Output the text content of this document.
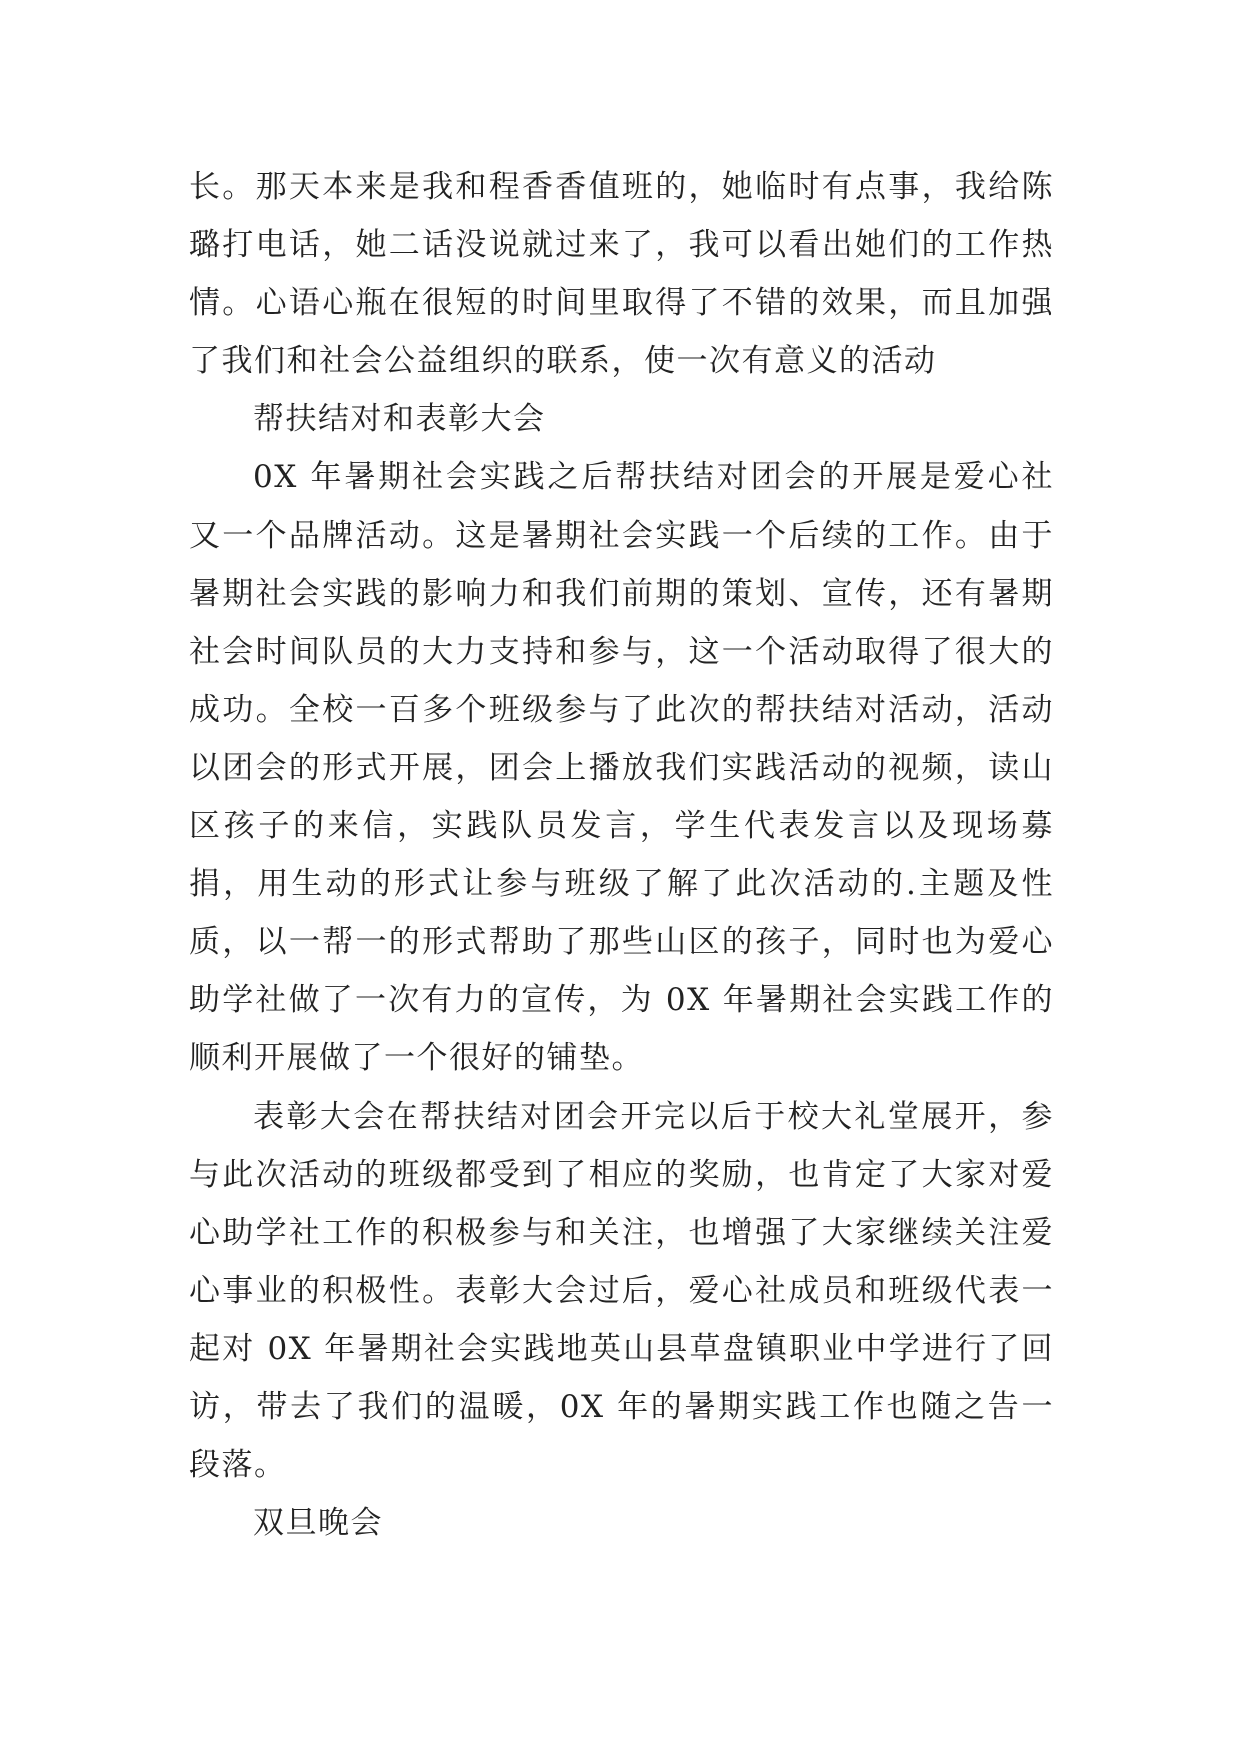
长。那天本来是我和程香香值班的，她临时有点事，我给陈璐打电话，她二话没说就过来了，我可以看出她们的工作热情。心语心瓶在很短的时间里取得了不错的效果，而且加强了我们和社会公益组织的联系，使一次有意义的活动

帮扶结对和表彰大会

0X 年暑期社会实践之后帮扶结对团会的开展是爱心社又一个品牌活动。这是暑期社会实践一个后续的工作。由于暑期社会实践的影响力和我们前期的策划、宣传，还有暑期社会时间队员的大力支持和参与，这一个活动取得了很大的成功。全校一百多个班级参与了此次的帮扶结对活动，活动以团会的形式开展，团会上播放我们实践活动的视频，读山区孩子的来信，实践队员发言，学生代表发言以及现场募捐，用生动的形式让参与班级了解了此次活动的.主题及性质，以一帮一的形式帮助了那些山区的孩子，同时也为爱心助学社做了一次有力的宣传，为 0X 年暑期社会实践工作的顺利开展做了一个很好的铺垫。

表彰大会在帮扶结对团会开完以后于校大礼堂展开，参与此次活动的班级都受到了相应的奖励，也肯定了大家对爱心助学社工作的积极参与和关注，也增强了大家继续关注爱心事业的积极性。表彰大会过后，爱心社成员和班级代表一起对 0X 年暑期社会实践地英山县草盘镇职业中学进行了回访，带去了我们的温暖，0X 年的暑期实践工作也随之告一段落。

双旦晚会
